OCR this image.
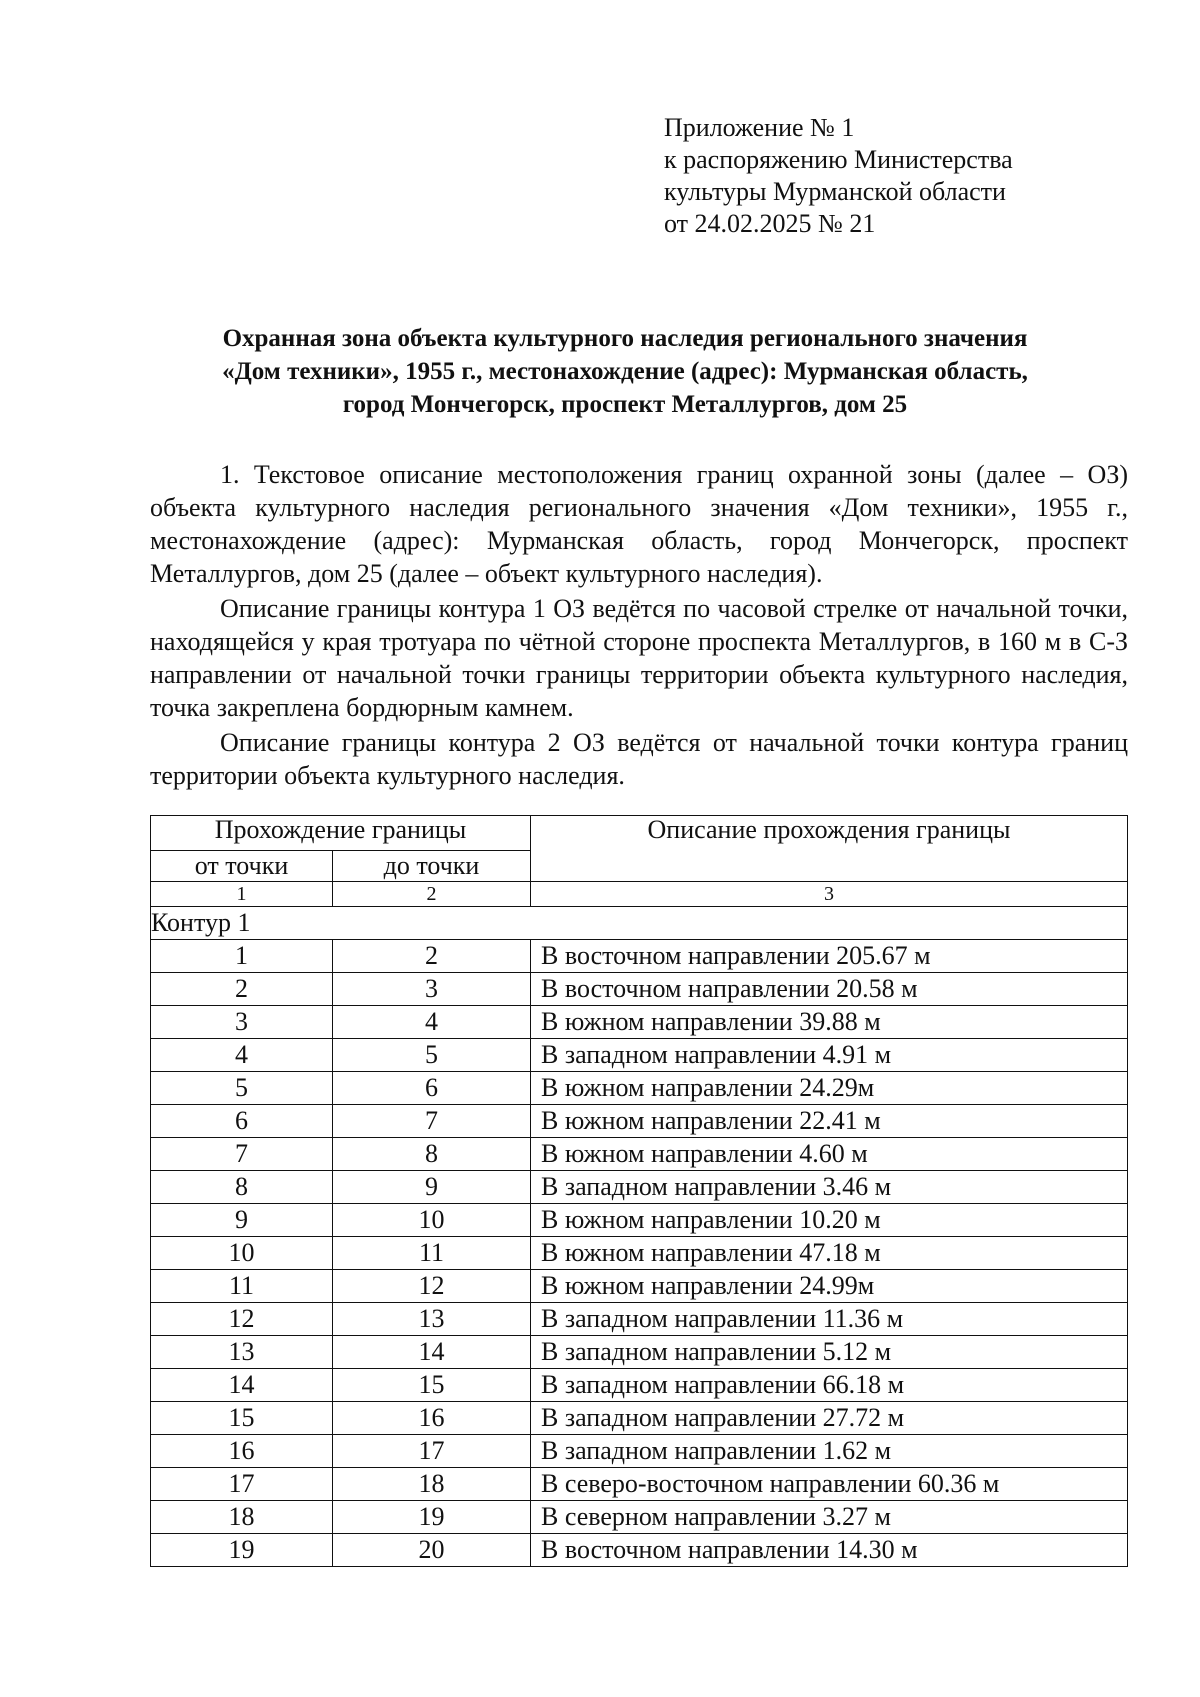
Приложение № 1
к распоряжению Министерства
культуры Мурманской области
от 24.02.2025 № 21
Охранная зона объекта культурного наследия регионального значения
«Дом техники», 1955 г., местонахождение (адрес): Мурманская область,
город Мончегорск, проспект Металлургов, дом 25

1. Текстовое описание местоположения границ охранной зоны (далее – ОЗ) объекта культурного наследия регионального значения «Дом техники», 1955 г., местонахождение (адрес): Мурманская область, город Мончегорск, проспект Металлургов, дом 25 (далее – объект культурного наследия).

Описание границы контура 1 ОЗ ведётся по часовой стрелке от начальной точки, находящейся у края тротуара по чётной стороне проспекта Металлургов, в 160 м в С-З направлении от начальной точки границы территории объекта культурного наследия, точка закреплена бордюрным камнем.

Описание границы контура 2 ОЗ ведётся от начальной точки контура границ территории объекта культурного наследия.

Прохождение границы		Описание прохождения границы
от точки	до точки	
1	2	3
Контур 1		
1	2	В восточном направлении 205.67 м
2	3	В восточном направлении 20.58 м
3	4	В южном направлении 39.88 м
4	5	В западном направлении 4.91 м
5	6	В южном направлении 24.29м
6	7	В южном направлении 22.41 м
7	8	В южном направлении 4.60 м
8	9	В западном направлении 3.46 м
9	10	В южном направлении 10.20 м
10	11	В южном направлении 47.18 м
11	12	В южном направлении 24.99м
12	13	В западном направлении 11.36 м
13	14	В западном направлении 5.12 м
14	15	В западном направлении 66.18 м
15	16	В западном направлении 27.72 м
16	17	В западном направлении 1.62 м
17	18	В северо-восточном направлении 60.36 м
18	19	В северном направлении 3.27 м
19	20	В восточном направлении 14.30 м
